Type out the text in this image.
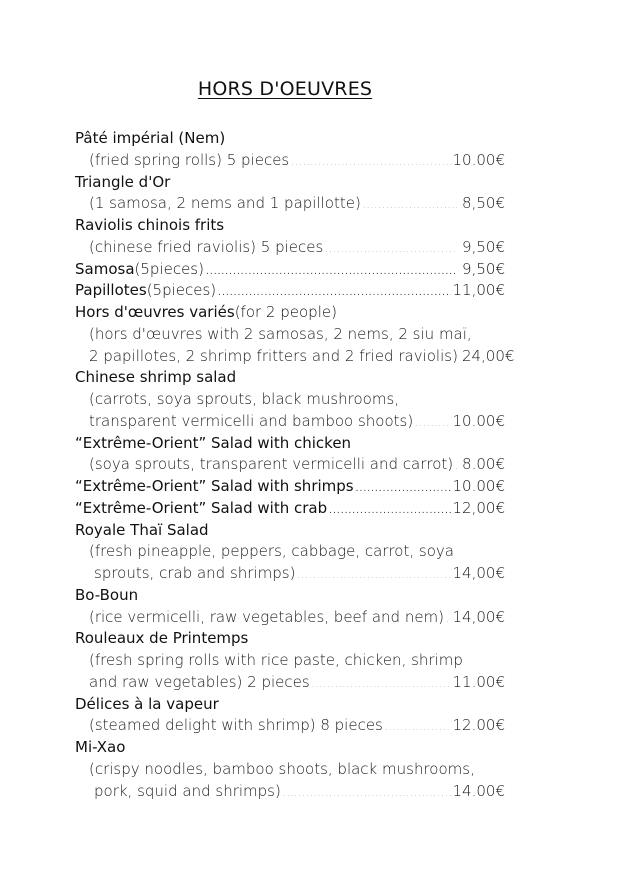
HORS D'OEUVRES
Pâté impérial (Nem)
(fried spring rolls) 5 pieces .....	10.00€
Triangle d'Or
(1 samosa, 2 nems and 1 papillotte) .....	8,50€
Raviolis chinois frits
(chinese fried raviolis) 5 pieces .....	9,50€
Samosa (5pieces) .....	9,50€
Papillotes (5pieces) .....	11,00€
Hors d'œuvres variés (for 2 people)
(hors d'œuvres with 2 samosas, 2 nems, 2 siu maï,
2 papillotes, 2 shrimp fritters and 2 fried raviolis) 24,00€
Chinese shrimp salad
(carrots, soya sprouts, black mushrooms,
transparent vermicelli and bamboo shoots) .....	10.00€
“Extrême-Orient” Salad with chicken
(soya sprouts, transparent vermicelli and carrot) ..... 8.00€
“Extrême-Orient” Salad with shrimps .....	10.00€
“Extrême-Orient” Salad with crab .....	12,00€
Royale Thaï Salad
(fresh pineapple, peppers, cabbage, carrot, soya
sprouts, crab and shrimps) .....	14,00€
Bo-Boun
(rice vermicelli, raw vegetables, beef and nem) ..... 14,00€
Rouleaux de Printemps
(fresh spring rolls with rice paste, chicken, shrimp
and raw vegetables) 2 pieces .....	11.00€
Délices à la vapeur
(steamed delight with shrimp) 8 pieces .....	12.00€
Mi-Xao
(crispy noodles, bamboo shoots, black mushrooms,
pork, squid and shrimps) .....	14.00€
